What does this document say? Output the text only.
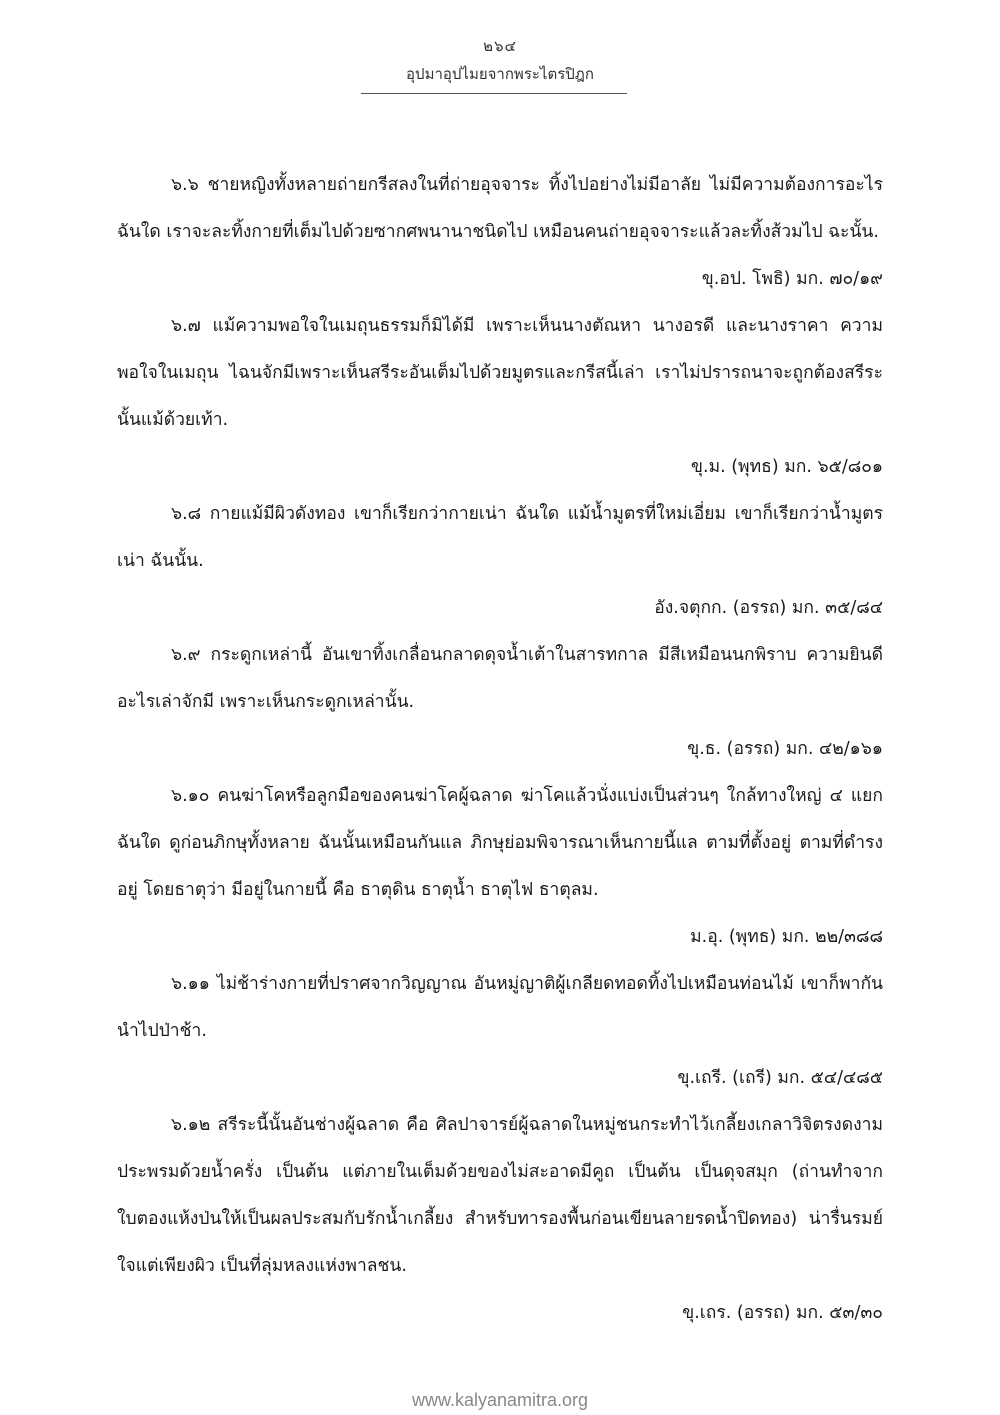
๒๖๔
อุปมาอุปไมยจากพระไตรปิฎก

๖.๖ ชายหญิงทั้งหลายถ่ายกรีสลงในที่ถ่ายอุจจาระ ทิ้งไปอย่างไม่มีอาลัย ไม่มีความต้องการอะไร ฉันใด เราจะละทิ้งกายที่เต็มไปด้วยซากศพนานาชนิดไป เหมือนคนถ่ายอุจจาระแล้วละทิ้งส้วมไป ฉะนั้น.

ขุ.อป. โพธิ) มก. ๗๐/๑๙

๖.๗ แม้ความพอใจในเมถุนธรรมก็มิได้มี เพราะเห็นนางตัณหา นางอรดี และนางราคา ความพอใจในเมถุน ไฉนจักมีเพราะเห็นสรีระอันเต็มไปด้วยมูตรและกรีสนี้เล่า เราไม่ปรารถนาจะถูกต้องสรีระนั้นแม้ด้วยเท้า.

ขุ.ม. (พุทธ) มก. ๖๕/๘๐๑

๖.๘ กายแม้มีผิวดังทอง เขาก็เรียกว่ากายเน่า ฉันใด แม้น้ำมูตรที่ใหม่เอี่ยม เขาก็เรียกว่าน้ำมูตรเน่า ฉันนั้น.

อัง.จตุกก. (อรรถ) มก. ๓๕/๘๔

๖.๙ กระดูกเหล่านี้ อันเขาทิ้งเกลื่อนกลาดดุจน้ำเต้าในสารทกาล มีสีเหมือนนกพิราบ ความยินดีอะไรเล่าจักมี เพราะเห็นกระดูกเหล่านั้น.

ขุ.ธ. (อรรถ) มก. ๔๒/๑๖๑

๖.๑๐ คนฆ่าโคหรือลูกมือของคนฆ่าโคผู้ฉลาด ฆ่าโคแล้วนั่งแบ่งเป็นส่วนๆ ใกล้ทางใหญ่ ๔ แยก ฉันใด ดูก่อนภิกษุทั้งหลาย ฉันนั้นเหมือนกันแล ภิกษุย่อมพิจารณาเห็นกายนี้แล ตามที่ตั้งอยู่ ตามที่ดำรงอยู่ โดยธาตุว่า มีอยู่ในกายนี้ คือ ธาตุดิน ธาตุน้ำ ธาตุไฟ ธาตุลม.

ม.อุ. (พุทธ) มก. ๒๒/๓๘๘

๖.๑๑ ไม่ช้าร่างกายที่ปราศจากวิญญาณ อันหมู่ญาติผู้เกลียดทอดทิ้งไปเหมือนท่อนไม้ เขาก็พากันนำไปป่าช้า.

ขุ.เถรี. (เถรี) มก. ๕๔/๔๘๕

๖.๑๒ สรีระนี้นั้นอันช่างผู้ฉลาด คือ ศิลปาจารย์ผู้ฉลาดในหมู่ชนกระทำไว้เกลี้ยงเกลาวิจิตรงดงาม ประพรมด้วยน้ำครั่ง เป็นต้น แต่ภายในเต็มด้วยของไม่สะอาดมีคูถ เป็นต้น เป็นดุจสมุก (ถ่านทำจากใบตองแห้งป่นให้เป็นผลประสมกับรักน้ำเกลี้ยง สำหรับทารองพื้นก่อนเขียนลายรดน้ำปิดทอง) น่ารื่นรมย์ใจแต่เพียงผิว เป็นที่ลุ่มหลงแห่งพาลชน.

ขุ.เถร. (อรรถ) มก. ๕๓/๓๐

www.kalyanamitra.org
